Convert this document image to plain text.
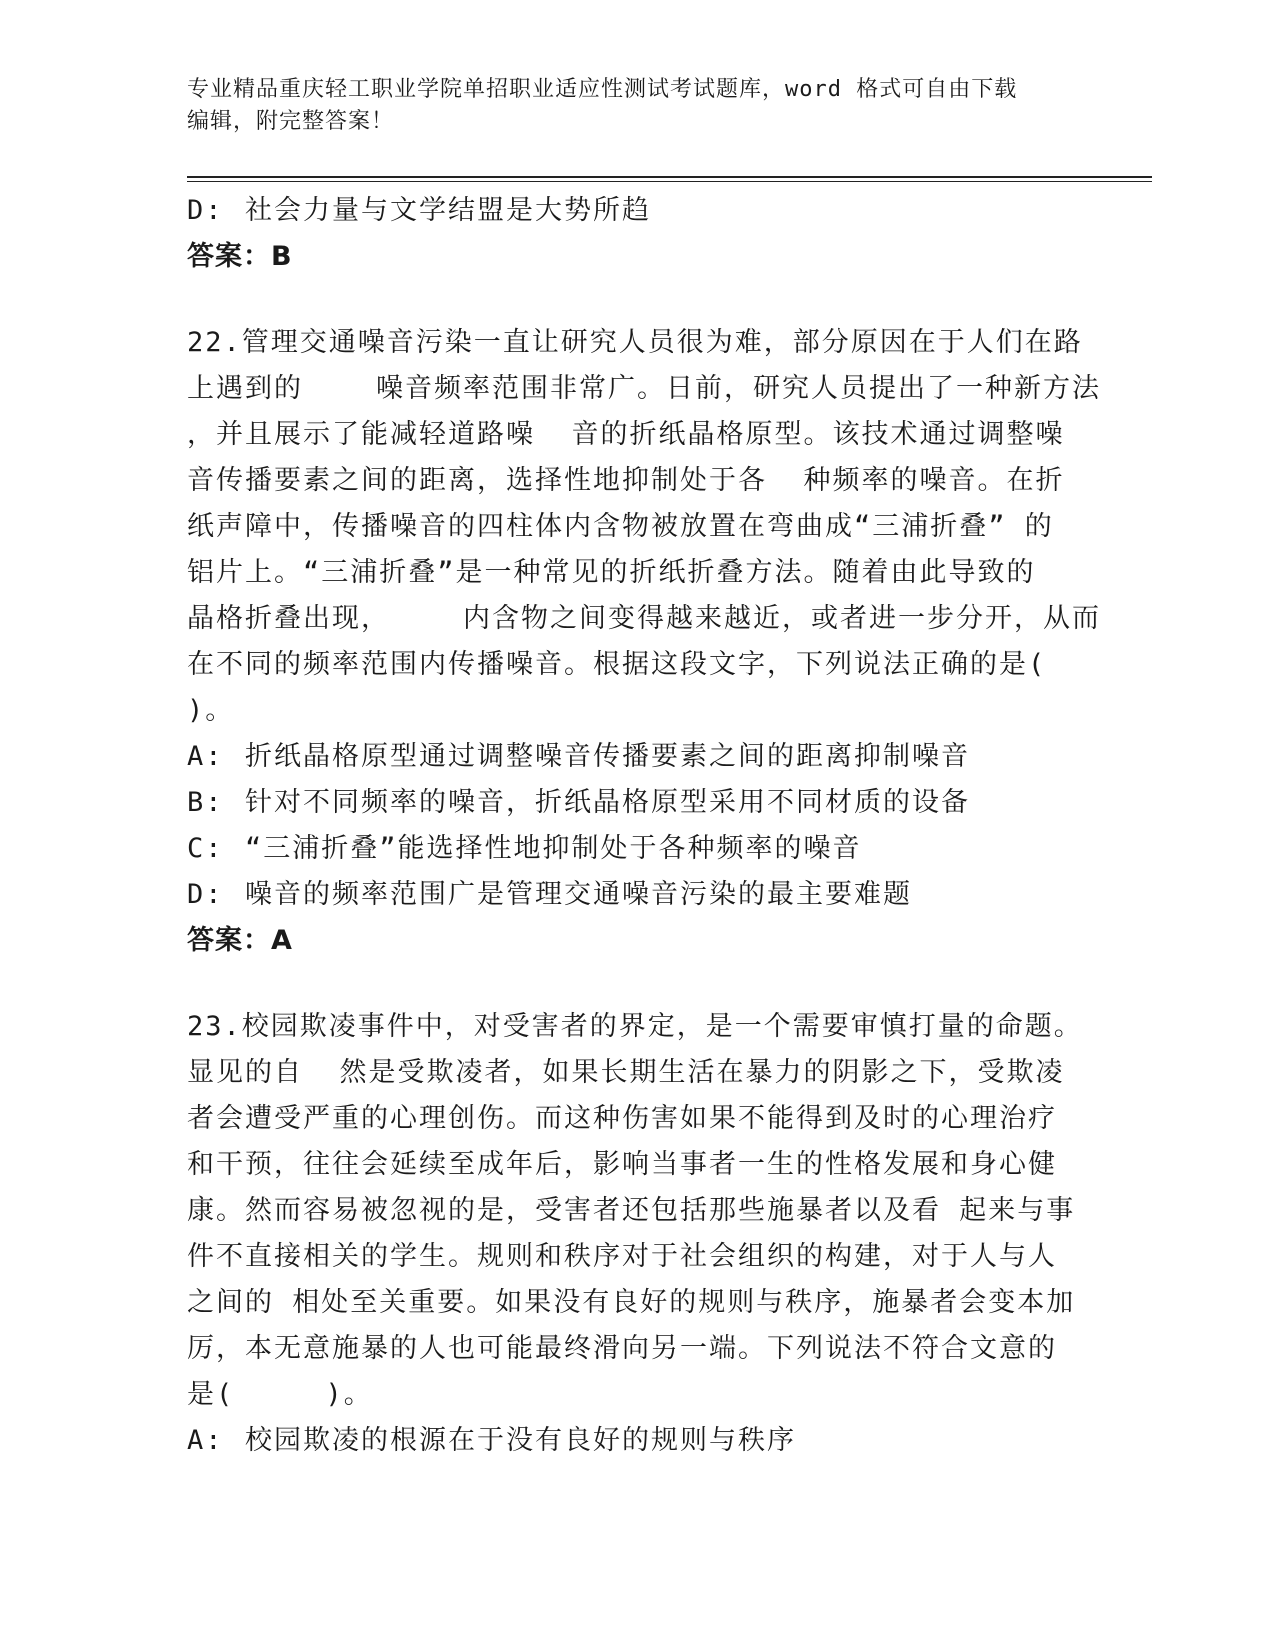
专业精品重庆轻工职业学院单招职业适应性测试考试题库，word 格式可自由下载
编辑，附完整答案！
D: 社会力量与文学结盟是大势所趋
答案：B
22.管理交通噪音污染一直让研究人员很为难，部分原因在于人们在路
上遇到的    噪音频率范围非常广。日前，研究人员提出了一种新方法
，并且展示了能减轻道路噪  音的折纸晶格原型。该技术通过调整噪
音传播要素之间的距离，选择性地抑制处于各  种频率的噪音。在折
纸声障中，传播噪音的四柱体内含物被放置在弯曲成“三浦折叠” 的
铝片上。“三浦折叠”是一种常见的折纸折叠方法。随着由此导致的
晶格折叠出现，    内含物之间变得越来越近，或者进一步分开，从而
在不同的频率范围内传播噪音。根据这段文字，下列说法正确的是(
)。
A: 折纸晶格原型通过调整噪音传播要素之间的距离抑制噪音
B: 针对不同频率的噪音，折纸晶格原型采用不同材质的设备
C: “三浦折叠”能选择性地抑制处于各种频率的噪音
D: 噪音的频率范围广是管理交通噪音污染的最主要难题
答案：A
23.校园欺凌事件中，对受害者的界定，是一个需要审慎打量的命题。
显见的自  然是受欺凌者，如果长期生活在暴力的阴影之下，受欺凌
者会遭受严重的心理创伤。而这种伤害如果不能得到及时的心理治疗
和干预，往往会延续至成年后，影响当事者一生的性格发展和身心健
康。然而容易被忽视的是，受害者还包括那些施暴者以及看 起来与事
件不直接相关的学生。规则和秩序对于社会组织的构建，对于人与人
之间的 相处至关重要。如果没有良好的规则与秩序，施暴者会变本加
厉，本无意施暴的人也可能最终滑向另一端。下列说法不符合文意的
是(     )。
A: 校园欺凌的根源在于没有良好的规则与秩序
